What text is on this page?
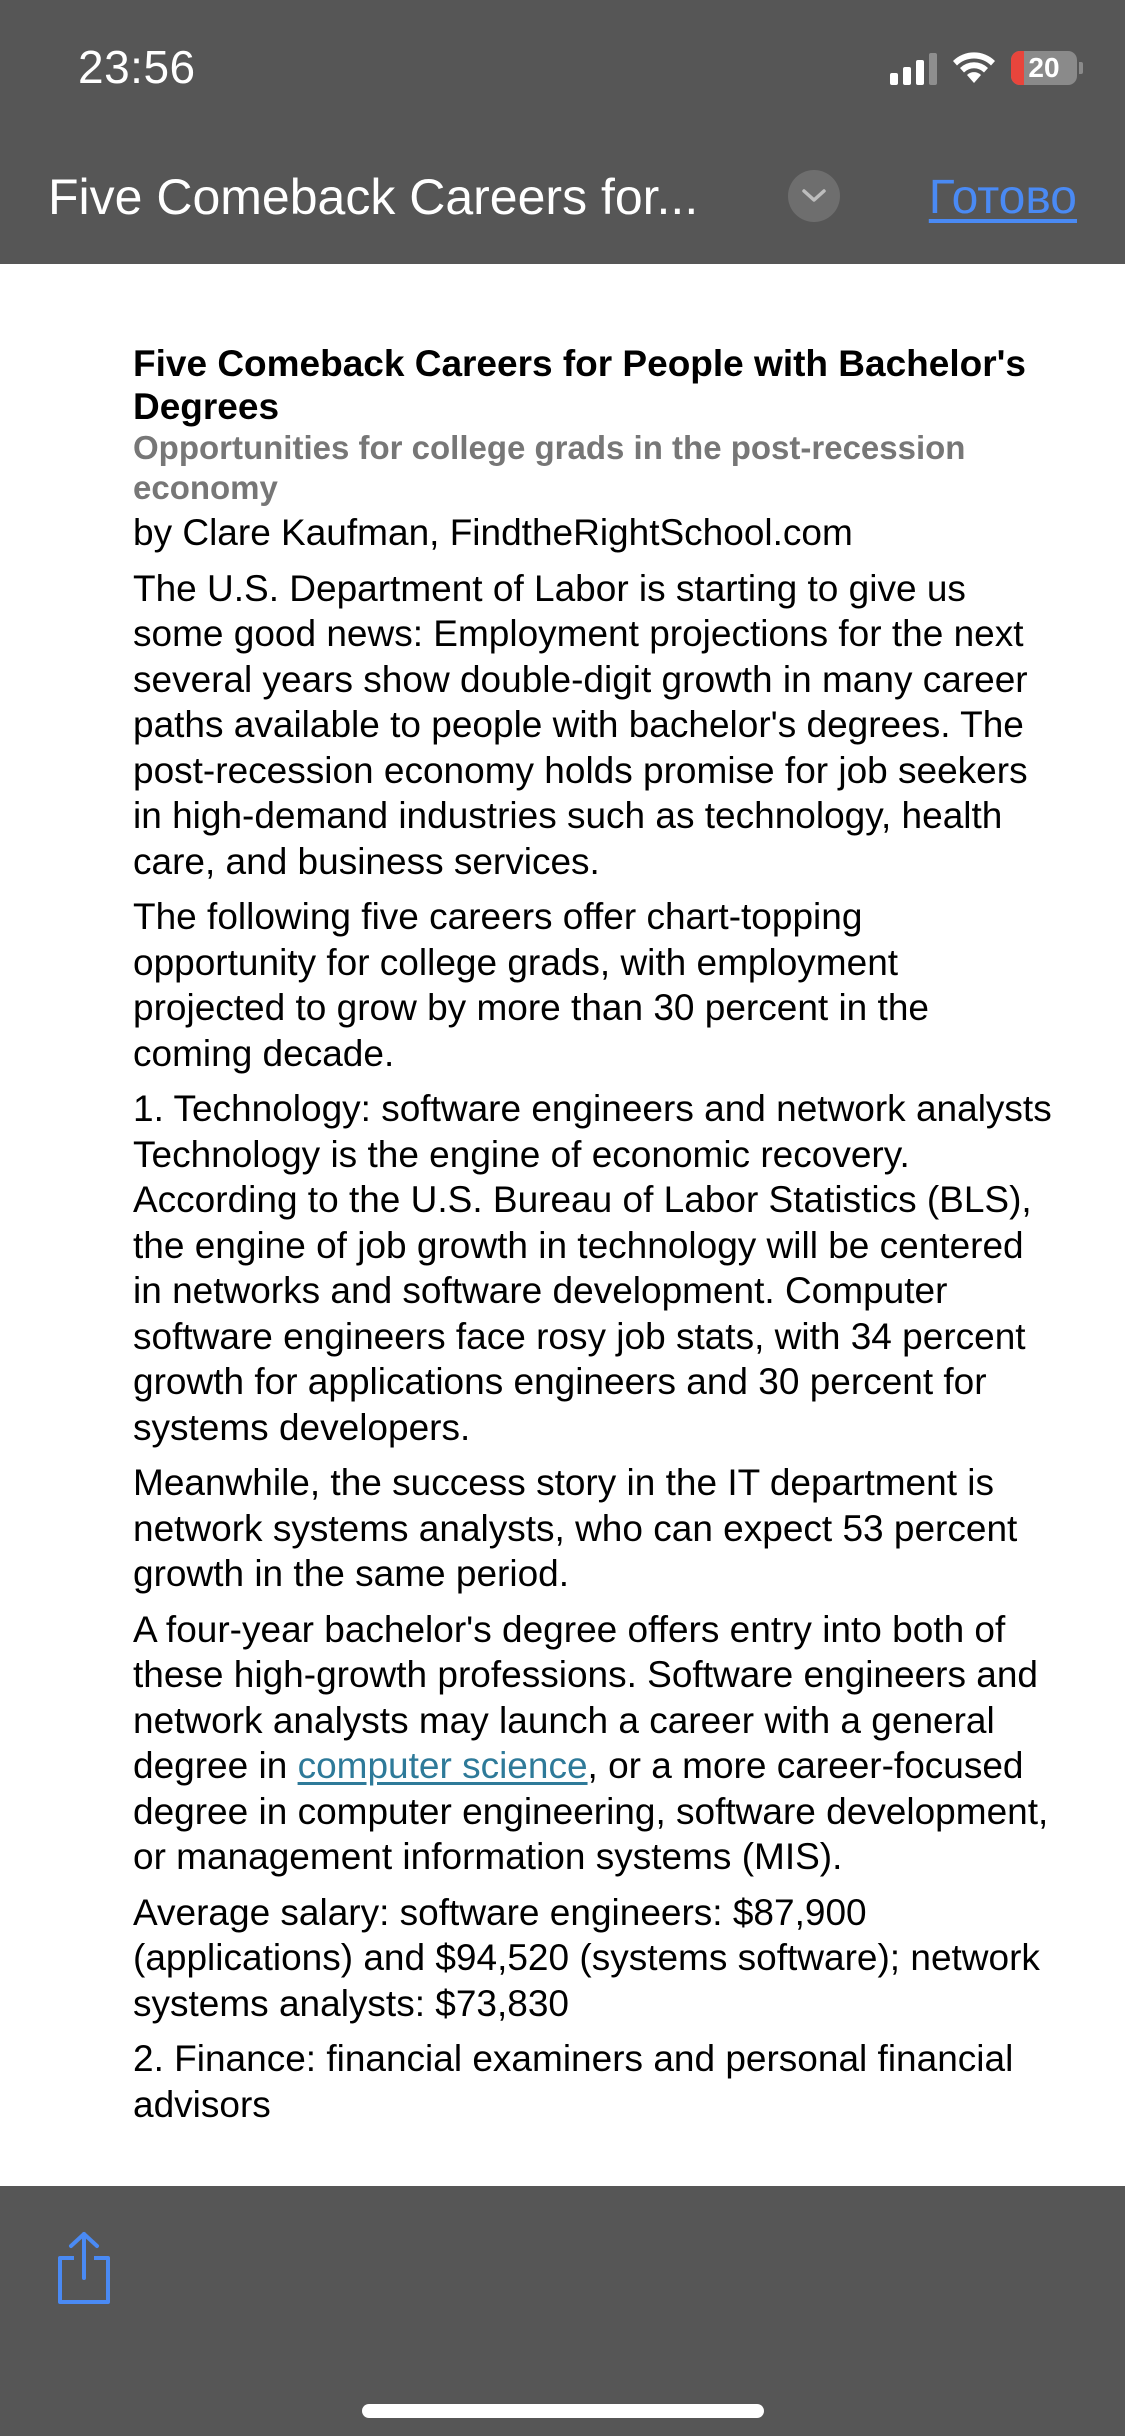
23:56	20
Five Comeback Careers for...	Готово
Five Comeback Careers for People with Bachelor's Degrees
Opportunities for college grads in the post-recession economy
by Clare Kaufman, FindtheRightSchool.com

The U.S. Department of Labor is starting to give us some good news: Employment projections for the next several years show double-digit growth in many career paths available to people with bachelor's degrees. The post-recession economy holds promise for job seekers in high-demand industries such as technology, health care, and business services.

The following five careers offer chart-topping opportunity for college grads, with employment projected to grow by more than 30 percent in the coming decade.

1. Technology: software engineers and network analysts

Technology is the engine of economic recovery. According to the U.S. Bureau of Labor Statistics (BLS), the engine of job growth in technology will be centered in networks and software development. Computer software engineers face rosy job stats, with 34 percent growth for applications engineers and 30 percent for systems developers.

Meanwhile, the success story in the IT department is network systems analysts, who can expect 53 percent growth in the same period.

A four-year bachelor's degree offers entry into both of these high-growth professions. Software engineers and network analysts may launch a career with a general degree in computer science, or a more career-focused degree in computer engineering, software development, or management information systems (MIS).

Average salary: software engineers: $87,900 (applications) and $94,520 (systems software); network systems analysts: $73,830

2. Finance: financial examiners and personal financial advisors
